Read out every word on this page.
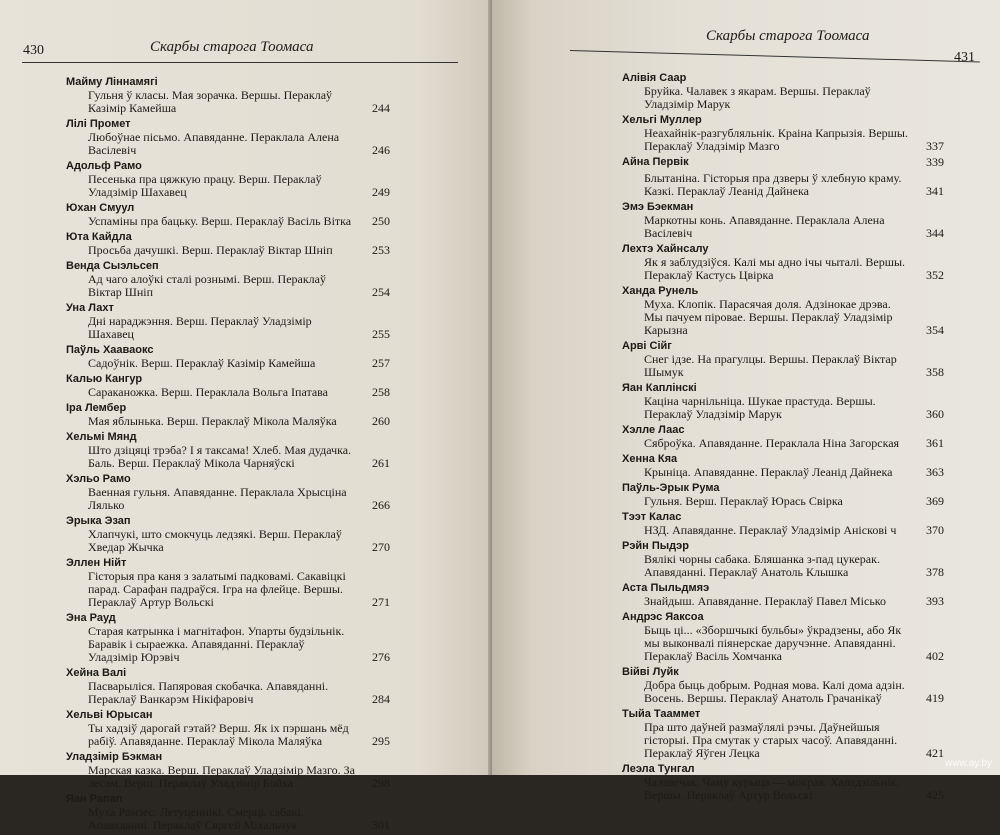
430	Скарбы старога Тоомаса
Майму Ліннамягі
Гульня ў класы. Мая зорачка. Вершы. Пераклаў Казімір Камейша	244
Лілі Промет
Любоўнае пісьмо. Апавяданне. Пераклала Алена Васілевіч	246
Адольф Рамо
Песенька пра цяжкую працу. Верш. Пераклаў Уладзімір Шахавец	249
Юхан Смуул
Успаміны пра бацьку. Верш. Пераклаў Васіль Вітка 250
Юта Кайдла
Просьба дачушкі. Верш. Пераклаў Віктар Шніп	253
Венда Сыэльсеп
Ад чаго алоўкі сталі рознымі. Верш. Пераклаў Віктар Шніп	254
Уна Лахт
Дні нараджэння. Верш. Пераклаў Уладзімір Шахавец	255
Паўль Хааваокс
Садоўнік. Верш. Пераклаў Казімір Камейша	257
Калью Кангур
Сараканожка. Верш. Пераклала Вольга Іпатава	258
Іра Лембер
Мая яблынька. Верш. Пераклаў Мікола Маляўка	260
Хельмі Мянд
Што дзіцяці трэба? І я таксама! Хлеб. Мая дудачка. Баль. Верш. Пераклаў Мікола Чарняўскі	261
Хэльо Рамо
Ваенная гульня. Апавяданне. Пераклала Хрысціна Лялько	266
Эрыка Эзап
Хлапчукі, што смокчуць ледзякі. Верш. Пераклаў Хведар Жычка	270
Эллен Нійт
Гісторыя пра каня з залатымі падковамі. Сакавіцкі парад. Сарафан падраўся. Ігра на флейце. Вершы. Пераклаў Артур Вольскі	271
Эна Рауд
Старая катрынка і магнітафон. Упарты будзільнік. Баравік і сыраежка. Апавяданні. Пераклаў Уладзімір Юрэвіч	276
Хейна Валі
Пасварыліся. Папяровая скобачка. Апавяданні. Пераклаў Ванкарэм Нікіфаровіч	284
Хельві Юрысан
Ты хадзіў дарогай гэтай? Верш. Як іх пэршань мёд рабіў. Апавяданне. Пераклаў Мікола Маляўка	295
Уладзімір Бэкман
Марская казка. Верш. Пераклаў Уладзімір Мазго. За лесам. Верш. Пераклаў Уладзімір Бойка	298
Яан Рапап
Муха Рамзес. Летуценнікі. Смерць сабакі. Апавяданні. Пераклаў Сяргей Міхальчук	301
Скарбы старога Тоомаса
431
Алівія Саар
Бруйка. Чалавек з якарам. Вершы. Пераклаў Уладзімір Марук
Хельгі Муллер
Неахайнік-разгубляльнік. Краіна Капрызія. Вершы. Пераклаў Уладзімір Мазго	337
Айна Первік	339
Блытаніна. Гісторыя пра дзверы ў хлебную краму. Казкі. Пераклаў Леанід Дайнека	341
Эмэ Бэекман
Маркотны конь. Апавяданне. Пераклала Алена Васілевіч	344
Лехтэ Хайнсалу
Як я заблудзіўся. Калі мы адно ічы чыталі. Вершы. Пераклаў Кастусь Цвірка	352
Ханда Рунель
Муха. Клопік. Парасячая доля. Адзінокае дрэва. Мы пачуем піровае. Вершы. Пераклаў Уладзімір Карызна	354
Арві Сійг
Снег ідзе. На прагулцы. Вершы. Пераклаў Віктар Шымук	358
Яан Каплінскі
Кацiна чарнільніца. Шукае прастуда. Вершы. Пераклаў Уладзімір Марук	360
Хэлле Лаас
Сяброўка. Апавяданне. Пераклала Ніна Загорская 361
Хенна Кяа
Крыніца. Апавяданне. Пераклаў Леанід Дайнека	363
Паўль-Эрык Рума
Гульня. Верш. Пераклаў Юрась Свірка	369
Тээт Калас
НЗД. Апавяданне. Пераклаў Уладзімір Аніскові ч 370
Рэйн Пыдэр
Вялікі чорны сабака. Бляшанка з-пад цукерак. Апавяданні. Пераклаў Анатоль Клышка	378
Аста Пыльдмяэ
Знайдыш. Апавяданне. Пераклаў Павел Місько	393
Андрэс Яаксоа
Быць ці... «Зборшчыкі бульбы» ўкрадзены, або Як мы выконвалі піянерскае даручэнне. Апавяданні. Пераклаў Васіль Хомчанка	402
Війві Луйк
Добра быць добрым. Родная мова. Калі дома адзін. Восень. Вершы. Пераклаў Анатоль Грачанікаў	419
Тыйа Тааммет
Пра што даўней размаўлялі рэчы. Даўнейшыя гісторыі. Пра смутак у старых часоў. Апавяданні. Пераклаў Яўген Лецка	421
Леэла Тунгал
Чалавечак. Чаму курыца — мокрая. Халадзільнік. Вершы. Пераклаў Артур Вольскі	425
www.ay.by
